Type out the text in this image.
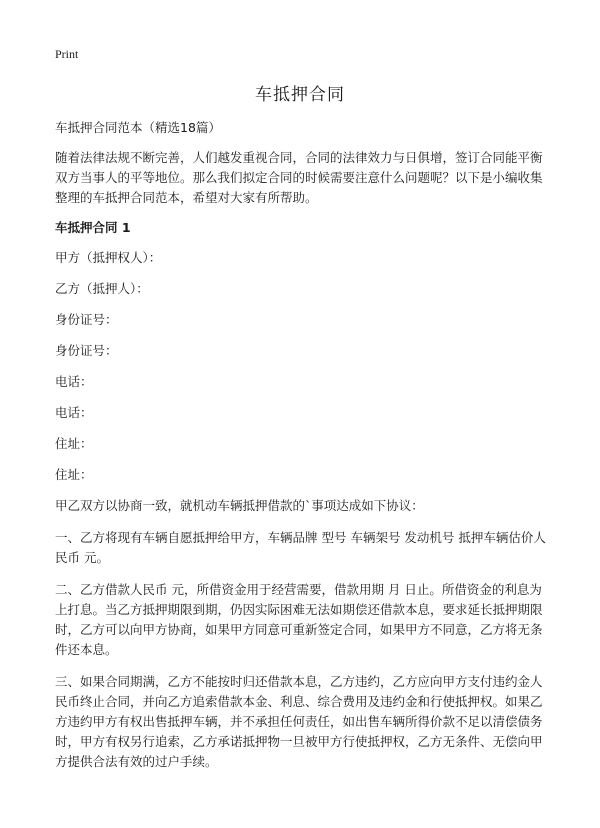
Print
车抵押合同

车抵押合同范本（精选18篇）

随着法律法规不断完善，人们越发重视合同，合同的法律效力与日俱增，签订合同能平衡双方当事人的平等地位。那么我们拟定合同的时候需要注意什么问题呢？以下是小编收集整理的车抵押合同范本，希望对大家有所帮助。

车抵押合同 1

甲方（抵押权人）：

乙方（抵押人）：

身份证号：

身份证号：

电话：

电话：

住址：

住址：

甲乙双方以协商一致，就机动车辆抵押借款的`事项达成如下协议：

一、乙方将现有车辆自愿抵押给甲方，车辆品牌 型号 车辆架号 发动机号 抵押车辆估价人民币 元。

二、乙方借款人民币 元，所借资金用于经营需要，借款用期 月 日止。所借资金的利息为上打息。当乙方抵押期限到期，仍因实际困难无法如期偿还借款本息，要求延长抵押期限时，乙方可以向甲方协商，如果甲方同意可重新签定合同，如果甲方不同意，乙方将无条件还本息。

三、如果合同期满，乙方不能按时归还借款本息，乙方违约，乙方应向甲方支付违约金人民币终止合同，并向乙方追索借款本金、利息、综合费用及违约金和行使抵押权。如果乙方违约甲方有权出售抵押车辆，并不承担任何责任，如出售车辆所得价款不足以清偿债务时，甲方有权另行追索，乙方承诺抵押物一旦被甲方行使抵押权，乙方无条件、无偿向甲方提供合法有效的过户手续。
